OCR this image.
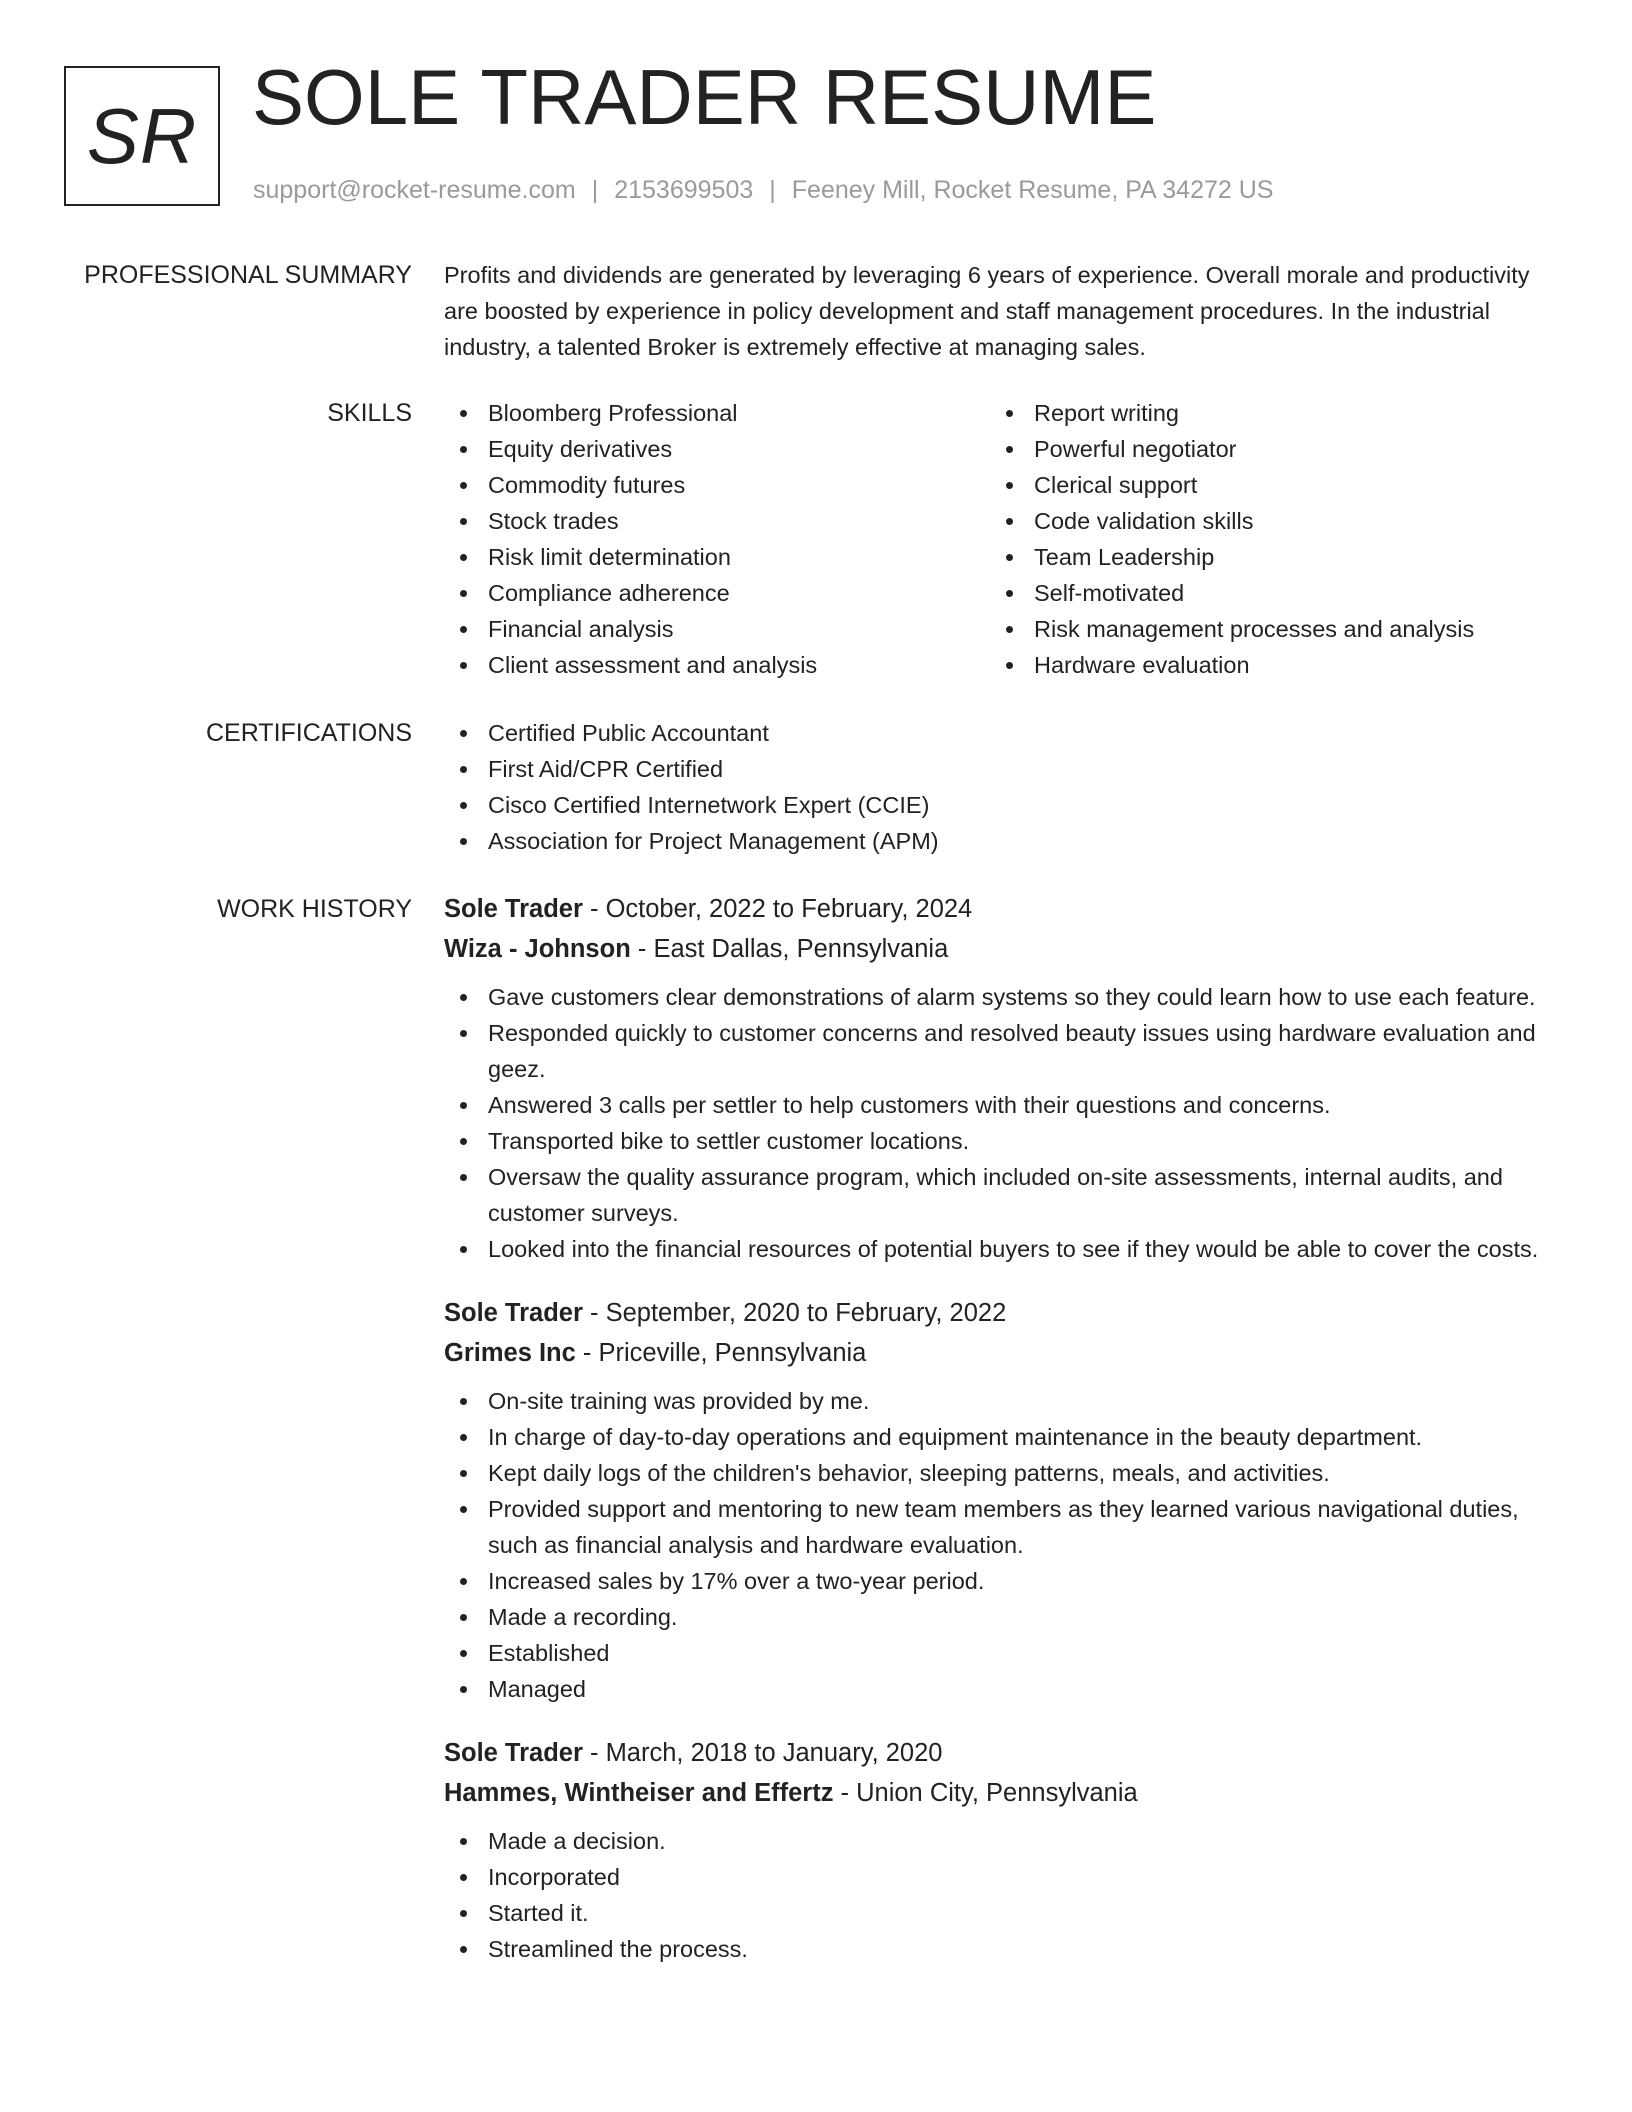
SR SOLE TRADER RESUME
support@rocket-resume.com | 2153699503 | Feeney Mill, Rocket Resume, PA 34272 US
PROFESSIONAL SUMMARY Profits and dividends are generated by leveraging 6 years of experience. Overall morale and productivity are boosted by experience in policy development and staff management procedures. In the industrial industry, a talented Broker is extremely effective at managing sales.

SKILLS	Bloomberg Professional
Equity derivatives
Commodity futures
Stock trades
Risk limit determination
Compliance adherence
Financial analysis
Client assessment and analysis
Report writing
Powerful negotiator
Clerical support
Code validation skills
Team Leadership
Self-motivated
Risk management processes and analysis
Hardware evaluation
CERTIFICATIONS	Certified Public Accountant
First Aid/CPR Certified
Cisco Certified Internetwork Expert (CCIE)
Association for Project Management (APM)
WORK HISTORY Sole Trader - October, 2022 to February, 2024
Wiza - Johnson - East Dallas, Pennsylvania
Gave customers clear demonstrations of alarm systems so they could learn how to use each feature.
Responded quickly to customer concerns and resolved beauty issues using hardware evaluation and geez.
Answered 3 calls per settler to help customers with their questions and concerns.
Transported bike to settler customer locations.
Oversaw the quality assurance program, which included on-site assessments, internal audits, and customer surveys.
Looked into the financial resources of potential buyers to see if they would be able to cover the costs.
Sole Trader - September, 2020 to February, 2022
Grimes Inc - Priceville, Pennsylvania
On-site training was provided by me.
In charge of day-to-day operations and equipment maintenance in the beauty department.
Kept daily logs of the children's behavior, sleeping patterns, meals, and activities.
Provided support and mentoring to new team members as they learned various navigational duties, such as financial analysis and hardware evaluation.
Increased sales by 17% over a two-year period.
Made a recording.
Established
Managed
Sole Trader - March, 2018 to January, 2020
Hammes, Wintheiser and Effertz - Union City, Pennsylvania
Made a decision.
Incorporated
Started it.
Streamlined the process.
